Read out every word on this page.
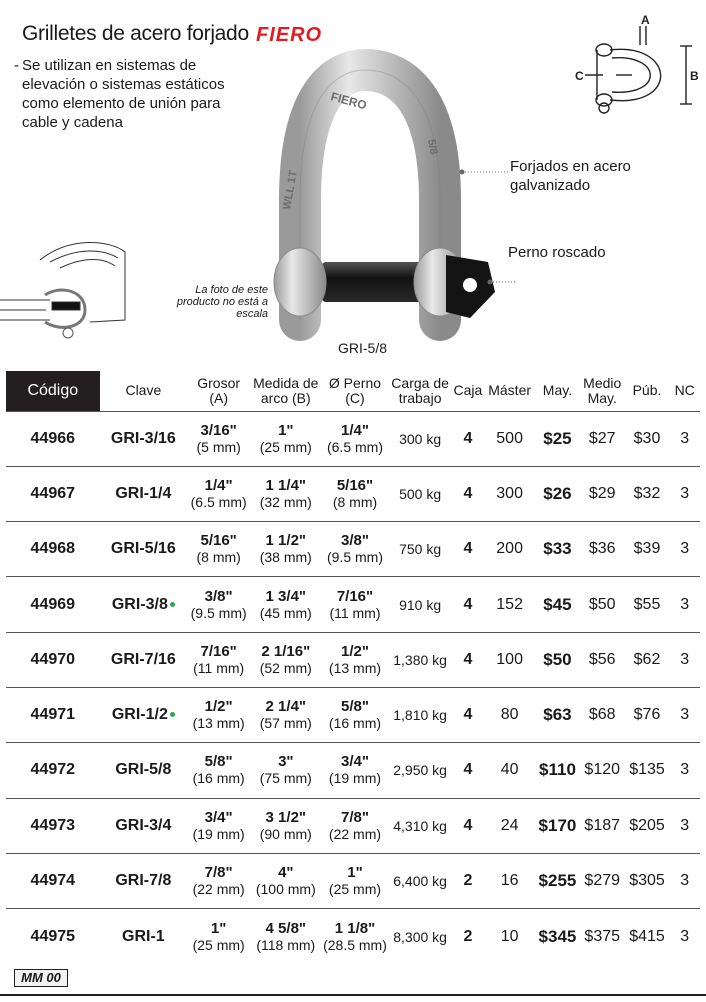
Grilletes de acero forjado FIERO
- Se utilizan en sistemas de elevación o sistemas estáticos como elemento de unión para cable y cadena
WLL 1T
FIERO
5/8
A
B
C
La foto de este producto no está a escala
Forjados en acero galvanizado
Perno roscado
GRI-5/8
Código	Clave	Grosor
(A)	Medida de
arco (B)	Ø Perno
(C)	Carga de
trabajo	Caja	Máster	May.	Medio
May.	Púb.	NC
44966	GRI-3/16	3/16"
(5 mm)	1"
(25 mm)	1/4"
(6.5 mm)	300 kg	4	500	$25	$27	$30	3
44967	GRI-1/4	1/4"
(6.5 mm)	1 1/4"
(32 mm)	5/16"
(8 mm)	500 kg	4	300	$26	$29	$32	3
44968	GRI-5/16	5/16"
(8 mm)	1 1/2"
(38 mm)	3/8"
(9.5 mm)	750 kg	4	200	$33	$36	$39	3
44969	GRI-3/8	3/8"
(9.5 mm)	1 3/4"
(45 mm)	7/16"
(11 mm)	910 kg	4	152	$45	$50	$55	3
44970	GRI-7/16	7/16"
(11 mm)	2 1/16"
(52 mm)	1/2"
(13 mm)	1,380 kg	4	100	$50	$56	$62	3
44971	GRI-1/2	1/2"
(13 mm)	2 1/4"
(57 mm)	5/8"
(16 mm)	1,810 kg	4	80	$63	$68	$76	3
44972	GRI-5/8	5/8"
(16 mm)	3"
(75 mm)	3/4"
(19 mm)	2,950 kg	4	40	$110	$120	$135	3
44973	GRI-3/4	3/4"
(19 mm)	3 1/2"
(90 mm)	7/8"
(22 mm)	4,310 kg	4	24	$170	$187	$205	3
44974	GRI-7/8	7/8"
(22 mm)	4"
(100 mm)	1"
(25 mm)	6,400 kg	2	16	$255	$279	$305	3
44975	GRI-1	1"
(25 mm)	4 5/8"
(118 mm)	1 1/8"
(28.5 mm)	8,300 kg	2	10	$345	$375	$415	3
MM 00
